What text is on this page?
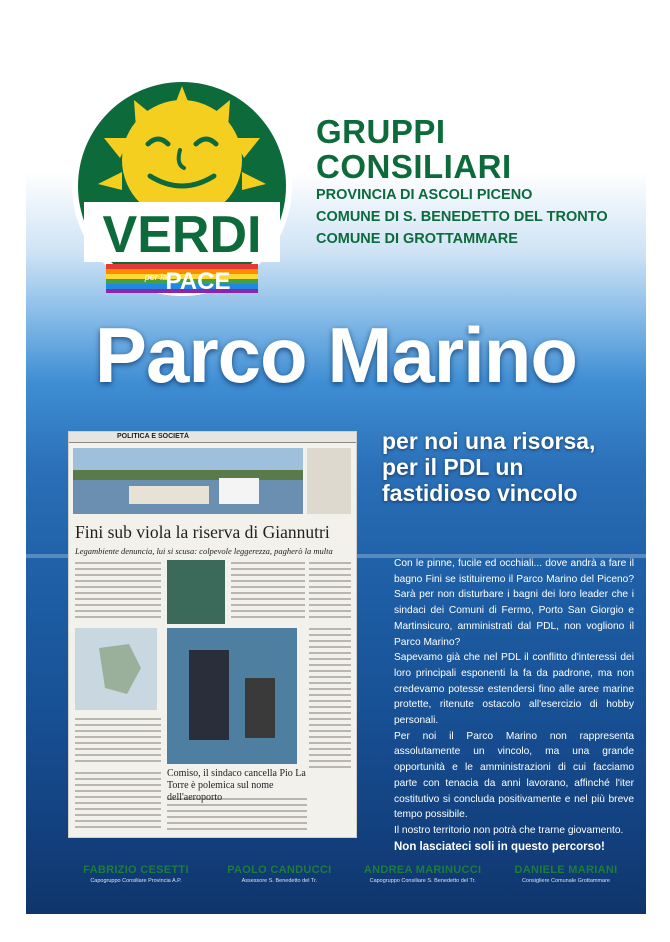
VERDI
per la
PACE
GRUPPI
CONSILIARI
PROVINCIA DI ASCOLI PICENO
COMUNE DI S. BENEDETTO DEL TRONTO
COMUNE DI GROTTAMMARE
Parco Marino
POLITICA E SOCIETÀ
Fini sub viola la riserva di Giannutri
Legambiente denuncia, lui si scusa: colpevole leggerezza, pagherò la multa
Comiso, il sindaco cancella Pio La Torre è polemica sul nome dell'aeroporto
per noi una risorsa,
per il PDL un
fastidioso vincolo

Con le pinne, fucile ed occhiali... dove andrà a fare il bagno Fini se istituiremo il Parco Marino del Piceno? Sarà per non disturbare i bagni dei loro leader che i sindaci dei Comuni di Fermo, Porto San Giorgio e Martinsicuro, amministrati dal PDL, non vogliono il Parco Marino?

Sapevamo già che nel PDL il conflitto d'interessi dei loro principali esponenti la fa da padrone, ma non credevamo potesse estendersi fino alle aree marine protette, ritenute ostacolo all'esercizio di hobby personali.

Per noi il Parco Marino non rappresenta assolutamente un vincolo, ma una grande opportunità e le amministrazioni di cui facciamo parte con tenacia da anni lavorano, affinché l'iter costitutivo si concluda positivamente e nel più breve tempo possibile.

Il nostro territorio non potrà che trarne giovamento.

Non lasciateci soli in questo percorso!

FABRIZIO CESETTI
Capogruppo Consiliare Provincia A.P.
PAOLO CANDUCCI
Assessore S. Benedetto del Tr.
ANDREA MARINUCCI
Capogruppo Consiliare S. Benedetto del Tr.
DANIELE MARIANI
Consigliere Comunale Grottammare
